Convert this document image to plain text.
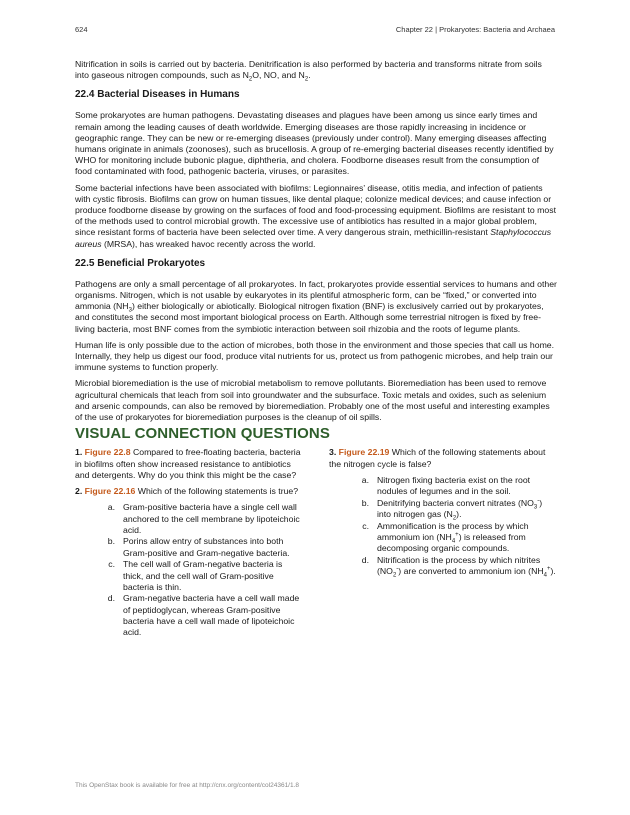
624	Chapter 22 | Prokaryotes: Bacteria and Archaea

Nitrification in soils is carried out by bacteria. Denitrification is also performed by bacteria and transforms nitrate from soils into gaseous nitrogen compounds, such as $N_2O$, NO, and $N_2$.

22.4 Bacterial Diseases in Humans

Some prokaryotes are human pathogens. Devastating diseases and plagues have been among us since early times and remain among the leading causes of death worldwide. Emerging diseases are those rapidly increasing in incidence or geographic range. They can be new or re-emerging diseases (previously under control). Many emerging diseases affecting humans originate in animals (zoonoses), such as brucellosis. A group of re-emerging bacterial diseases recently identified by WHO for monitoring include bubonic plague, diphtheria, and cholera. Foodborne diseases result from the consumption of food contaminated with food, pathogenic bacteria, viruses, or parasites.

Some bacterial infections have been associated with biofilms: Legionnaires’ disease, otitis media, and infection of patients with cystic fibrosis. Biofilms can grow on human tissues, like dental plaque; colonize medical devices; and cause infection or produce foodborne disease by growing on the surfaces of food and food-processing equipment. Biofilms are resistant to most of the methods used to control microbial growth. The excessive use of antibiotics has resulted in a major global problem, since resistant forms of bacteria have been selected over time. A very dangerous strain, methicillin-resistant Staphylococcus aureus (MRSA), has wreaked havoc recently across the world.

22.5 Beneficial Prokaryotes

Pathogens are only a small percentage of all prokaryotes. In fact, prokaryotes provide essential services to humans and other organisms. Nitrogen, which is not usable by eukaryotes in its plentiful atmospheric form, can be “fixed,” or converted into ammonia $(NH_3)$ either biologically or abiotically. Biological nitrogen fixation (BNF) is exclusively carried out by prokaryotes, and constitutes the second most important biological process on Earth. Although some terrestrial nitrogen is fixed by free-living bacteria, most BNF comes from the symbiotic interaction between soil rhizobia and the roots of legume plants.

Human life is only possible due to the action of microbes, both those in the environment and those species that call us home. Internally, they help us digest our food, produce vital nutrients for us, protect us from pathogenic microbes, and help train our immune systems to function properly.

Microbial bioremediation is the use of microbial metabolism to remove pollutants. Bioremediation has been used to remove agricultural chemicals that leach from soil into groundwater and the subsurface. Toxic metals and oxides, such as selenium and arsenic compounds, can also be removed by bioremediation. Probably one of the most useful and interesting examples of the use of prokaryotes for bioremediation purposes is the cleanup of oil spills.

VISUAL CONNECTION QUESTIONS

1. Figure 22.8 Compared to free-floating bacteria, bacteria in biofilms often show increased resistance to antibiotics and detergents. Why do you think this might be the case?

2. Figure 22.16 Which of the following statements is true?

a. Gram-positive bacteria have a single cell wall anchored to the cell membrane by lipoteichoic acid.
b. Porins allow entry of substances into both Gram-positive and Gram-negative bacteria.
c. The cell wall of Gram-negative bacteria is thick, and the cell wall of Gram-positive bacteria is thin.
d. Gram-negative bacteria have a cell wall made of peptidoglycan, whereas Gram-positive bacteria have a cell wall made of lipoteichoic acid.

3. Figure 22.19 Which of the following statements about the nitrogen cycle is false?

a. Nitrogen fixing bacteria exist on the root nodules of legumes and in the soil.
b. Denitrifying bacteria convert nitrates $(NO_3^-)$ into nitrogen gas $(N_2)$.
c. Ammonification is the process by which ammonium ion $(NH_4^+)$ is released from decomposing organic compounds.
d. Nitrification is the process by which nitrites $(NO_2^-)$ are converted to ammonium ion $(NH_4^+)$.
This OpenStax book is available for free at http://cnx.org/content/col24361/1.8
